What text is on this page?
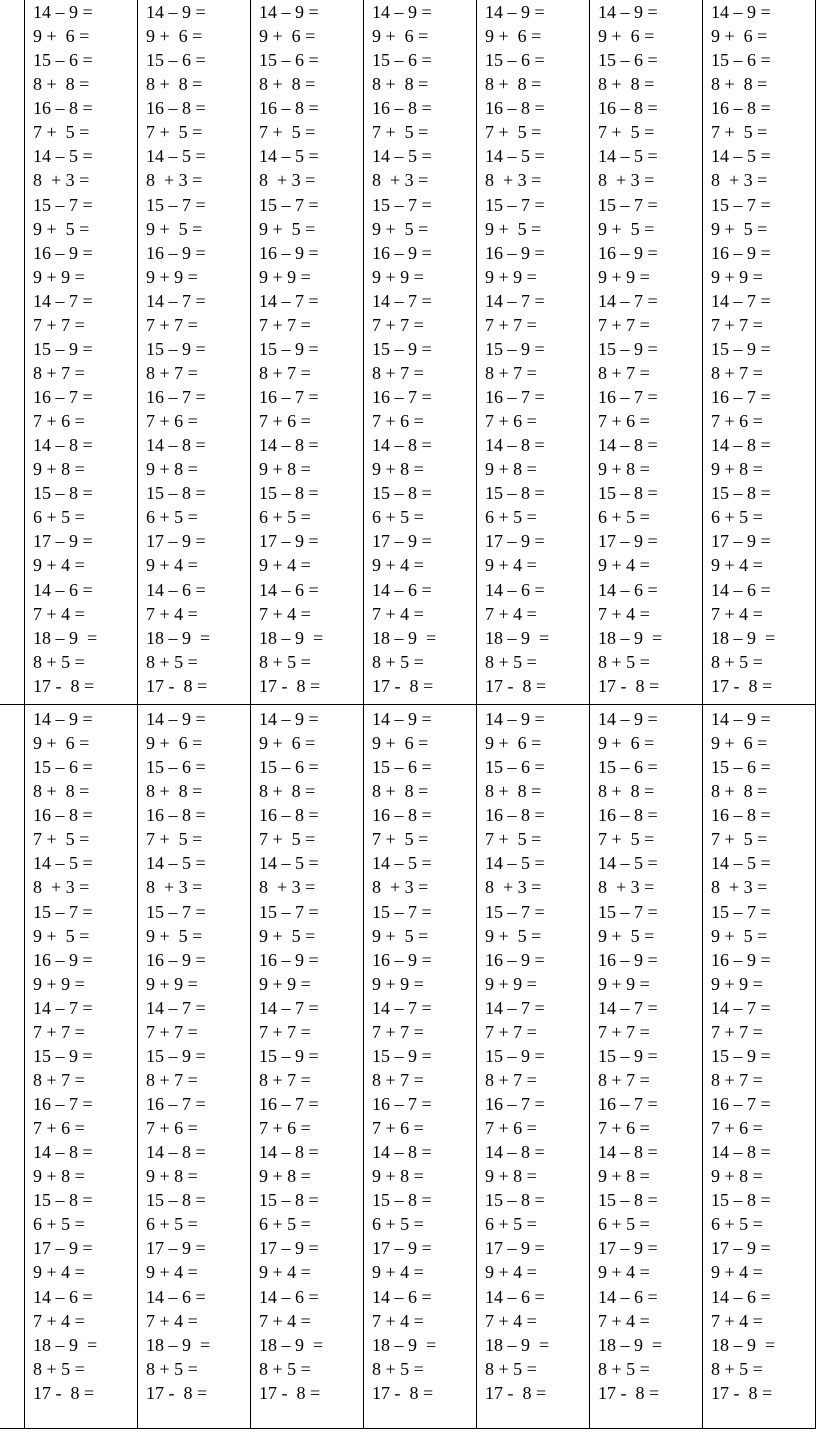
14 – 9 =
9 +  6 =
15 – 6 =
8 +  8 =
16 – 8 =
7 +  5 =
14 – 5 =
8  + 3 =
15 – 7 =
9 +  5 =
16 – 9 =
9 + 9 =
14 – 7 =
7 + 7 =
15 – 9 =
8 + 7 =
16 – 7 =
7 + 6 =
14 – 8 =
9 + 8 =
15 – 8 =
6 + 5 =
17 – 9 =
9 + 4 =
14 – 6 =
7 + 4 =
18 – 9  =
8 + 5 =
17 -  8 =
14 – 9 =
9 +  6 =
15 – 6 =
8 +  8 =
16 – 8 =
7 +  5 =
14 – 5 =
8  + 3 =
15 – 7 =
9 +  5 =
16 – 9 =
9 + 9 =
14 – 7 =
7 + 7 =
15 – 9 =
8 + 7 =
16 – 7 =
7 + 6 =
14 – 8 =
9 + 8 =
15 – 8 =
6 + 5 =
17 – 9 =
9 + 4 =
14 – 6 =
7 + 4 =
18 – 9  =
8 + 5 =
17 -  8 =
14 – 9 =
9 +  6 =
15 – 6 =
8 +  8 =
16 – 8 =
7 +  5 =
14 – 5 =
8  + 3 =
15 – 7 =
9 +  5 =
16 – 9 =
9 + 9 =
14 – 7 =
7 + 7 =
15 – 9 =
8 + 7 =
16 – 7 =
7 + 6 =
14 – 8 =
9 + 8 =
15 – 8 =
6 + 5 =
17 – 9 =
9 + 4 =
14 – 6 =
7 + 4 =
18 – 9  =
8 + 5 =
17 -  8 =
14 – 9 =
9 +  6 =
15 – 6 =
8 +  8 =
16 – 8 =
7 +  5 =
14 – 5 =
8  + 3 =
15 – 7 =
9 +  5 =
16 – 9 =
9 + 9 =
14 – 7 =
7 + 7 =
15 – 9 =
8 + 7 =
16 – 7 =
7 + 6 =
14 – 8 =
9 + 8 =
15 – 8 =
6 + 5 =
17 – 9 =
9 + 4 =
14 – 6 =
7 + 4 =
18 – 9  =
8 + 5 =
17 -  8 =
14 – 9 =
9 +  6 =
15 – 6 =
8 +  8 =
16 – 8 =
7 +  5 =
14 – 5 =
8  + 3 =
15 – 7 =
9 +  5 =
16 – 9 =
9 + 9 =
14 – 7 =
7 + 7 =
15 – 9 =
8 + 7 =
16 – 7 =
7 + 6 =
14 – 8 =
9 + 8 =
15 – 8 =
6 + 5 =
17 – 9 =
9 + 4 =
14 – 6 =
7 + 4 =
18 – 9  =
8 + 5 =
17 -  8 =
14 – 9 =
9 +  6 =
15 – 6 =
8 +  8 =
16 – 8 =
7 +  5 =
14 – 5 =
8  + 3 =
15 – 7 =
9 +  5 =
16 – 9 =
9 + 9 =
14 – 7 =
7 + 7 =
15 – 9 =
8 + 7 =
16 – 7 =
7 + 6 =
14 – 8 =
9 + 8 =
15 – 8 =
6 + 5 =
17 – 9 =
9 + 4 =
14 – 6 =
7 + 4 =
18 – 9  =
8 + 5 =
17 -  8 =
14 – 9 =
9 +  6 =
15 – 6 =
8 +  8 =
16 – 8 =
7 +  5 =
14 – 5 =
8  + 3 =
15 – 7 =
9 +  5 =
16 – 9 =
9 + 9 =
14 – 7 =
7 + 7 =
15 – 9 =
8 + 7 =
16 – 7 =
7 + 6 =
14 – 8 =
9 + 8 =
15 – 8 =
6 + 5 =
17 – 9 =
9 + 4 =
14 – 6 =
7 + 4 =
18 – 9  =
8 + 5 =
17 -  8 =
14 – 9 =
9 +  6 =
15 – 6 =
8 +  8 =
16 – 8 =
7 +  5 =
14 – 5 =
8  + 3 =
15 – 7 =
9 +  5 =
16 – 9 =
9 + 9 =
14 – 7 =
7 + 7 =
15 – 9 =
8 + 7 =
16 – 7 =
7 + 6 =
14 – 8 =
9 + 8 =
15 – 8 =
6 + 5 =
17 – 9 =
9 + 4 =
14 – 6 =
7 + 4 =
18 – 9  =
8 + 5 =
17 -  8 =
14 – 9 =
9 +  6 =
15 – 6 =
8 +  8 =
16 – 8 =
7 +  5 =
14 – 5 =
8  + 3 =
15 – 7 =
9 +  5 =
16 – 9 =
9 + 9 =
14 – 7 =
7 + 7 =
15 – 9 =
8 + 7 =
16 – 7 =
7 + 6 =
14 – 8 =
9 + 8 =
15 – 8 =
6 + 5 =
17 – 9 =
9 + 4 =
14 – 6 =
7 + 4 =
18 – 9  =
8 + 5 =
17 -  8 =
14 – 9 =
9 +  6 =
15 – 6 =
8 +  8 =
16 – 8 =
7 +  5 =
14 – 5 =
8  + 3 =
15 – 7 =
9 +  5 =
16 – 9 =
9 + 9 =
14 – 7 =
7 + 7 =
15 – 9 =
8 + 7 =
16 – 7 =
7 + 6 =
14 – 8 =
9 + 8 =
15 – 8 =
6 + 5 =
17 – 9 =
9 + 4 =
14 – 6 =
7 + 4 =
18 – 9  =
8 + 5 =
17 -  8 =
14 – 9 =
9 +  6 =
15 – 6 =
8 +  8 =
16 – 8 =
7 +  5 =
14 – 5 =
8  + 3 =
15 – 7 =
9 +  5 =
16 – 9 =
9 + 9 =
14 – 7 =
7 + 7 =
15 – 9 =
8 + 7 =
16 – 7 =
7 + 6 =
14 – 8 =
9 + 8 =
15 – 8 =
6 + 5 =
17 – 9 =
9 + 4 =
14 – 6 =
7 + 4 =
18 – 9  =
8 + 5 =
17 -  8 =
14 – 9 =
9 +  6 =
15 – 6 =
8 +  8 =
16 – 8 =
7 +  5 =
14 – 5 =
8  + 3 =
15 – 7 =
9 +  5 =
16 – 9 =
9 + 9 =
14 – 7 =
7 + 7 =
15 – 9 =
8 + 7 =
16 – 7 =
7 + 6 =
14 – 8 =
9 + 8 =
15 – 8 =
6 + 5 =
17 – 9 =
9 + 4 =
14 – 6 =
7 + 4 =
18 – 9  =
8 + 5 =
17 -  8 =
14 – 9 =
9 +  6 =
15 – 6 =
8 +  8 =
16 – 8 =
7 +  5 =
14 – 5 =
8  + 3 =
15 – 7 =
9 +  5 =
16 – 9 =
9 + 9 =
14 – 7 =
7 + 7 =
15 – 9 =
8 + 7 =
16 – 7 =
7 + 6 =
14 – 8 =
9 + 8 =
15 – 8 =
6 + 5 =
17 – 9 =
9 + 4 =
14 – 6 =
7 + 4 =
18 – 9  =
8 + 5 =
17 -  8 =
14 – 9 =
9 +  6 =
15 – 6 =
8 +  8 =
16 – 8 =
7 +  5 =
14 – 5 =
8  + 3 =
15 – 7 =
9 +  5 =
16 – 9 =
9 + 9 =
14 – 7 =
7 + 7 =
15 – 9 =
8 + 7 =
16 – 7 =
7 + 6 =
14 – 8 =
9 + 8 =
15 – 8 =
6 + 5 =
17 – 9 =
9 + 4 =
14 – 6 =
7 + 4 =
18 – 9  =
8 + 5 =
17 -  8 =
